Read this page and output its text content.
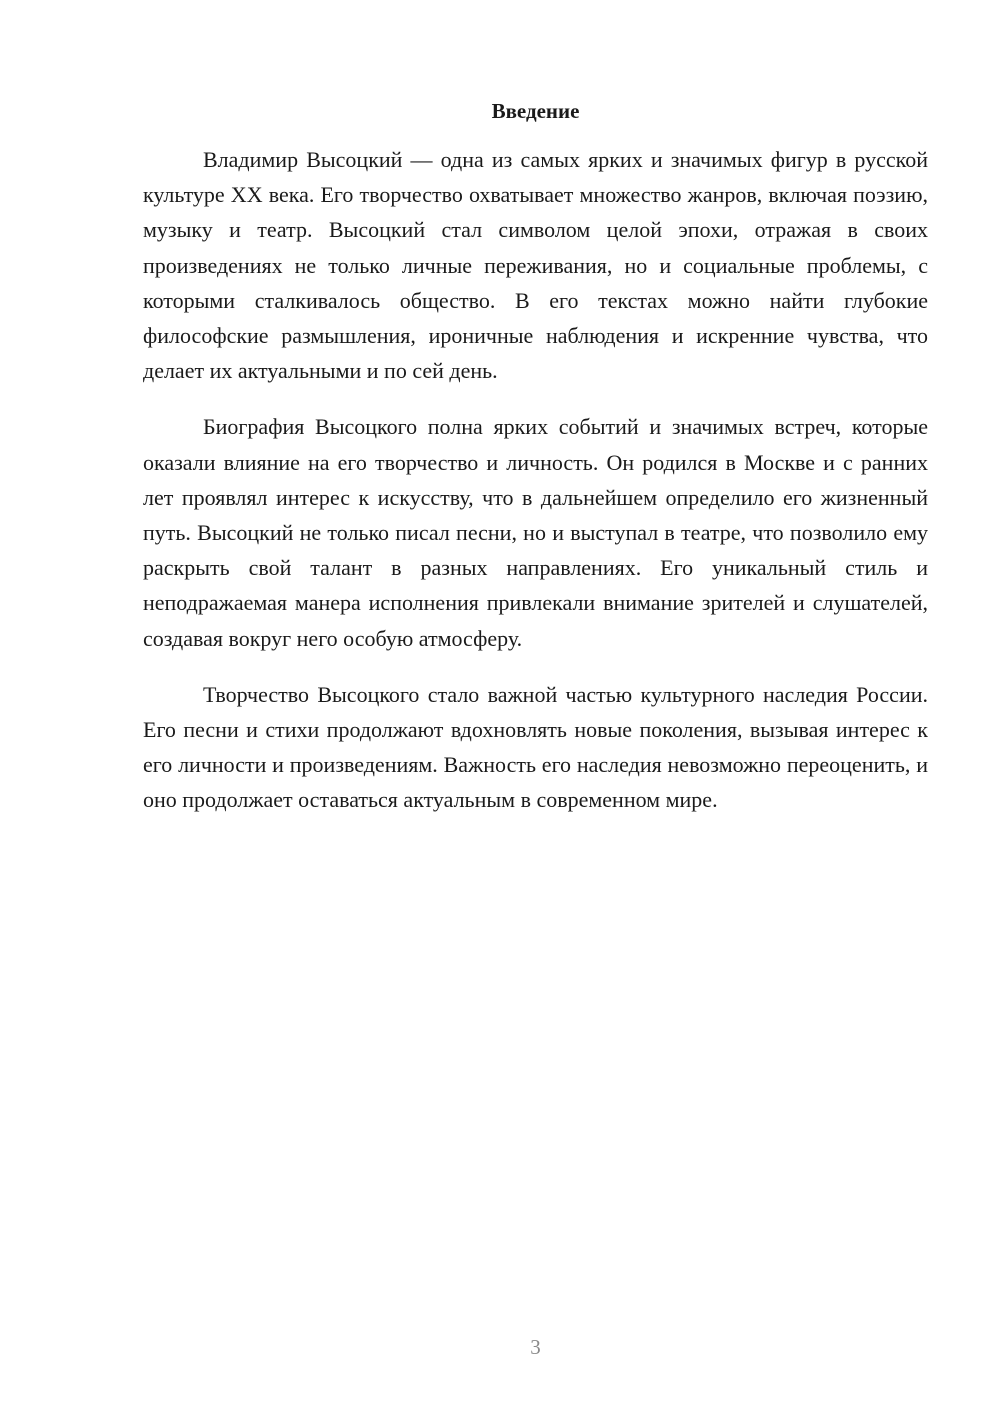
Введение

Владимир Высоцкий — одна из самых ярких и значимых фигур в русской культуре XX века. Его творчество охватывает множество жанров, включая поэзию, музыку и театр. Высоцкий стал символом целой эпохи, отражая в своих произведениях не только личные переживания, но и социальные проблемы, с которыми сталкивалось общество. В его текстах можно найти глубокие философские размышления, ироничные наблюдения и искренние чувства, что делает их актуальными и по сей день.

Биография Высоцкого полна ярких событий и значимых встреч, которые оказали влияние на его творчество и личность. Он родился в Москве и с ранних лет проявлял интерес к искусству, что в дальнейшем определило его жизненный путь. Высоцкий не только писал песни, но и выступал в театре, что позволило ему раскрыть свой талант в разных направлениях. Его уникальный стиль и неподражаемая манера исполнения привлекали внимание зрителей и слушателей, создавая вокруг него особую атмосферу.

Творчество Высоцкого стало важной частью культурного наследия России. Его песни и стихи продолжают вдохновлять новые поколения, вызывая интерес к его личности и произведениям. Важность его наследия невозможно переоценить, и оно продолжает оставаться актуальным в современном мире.

3
